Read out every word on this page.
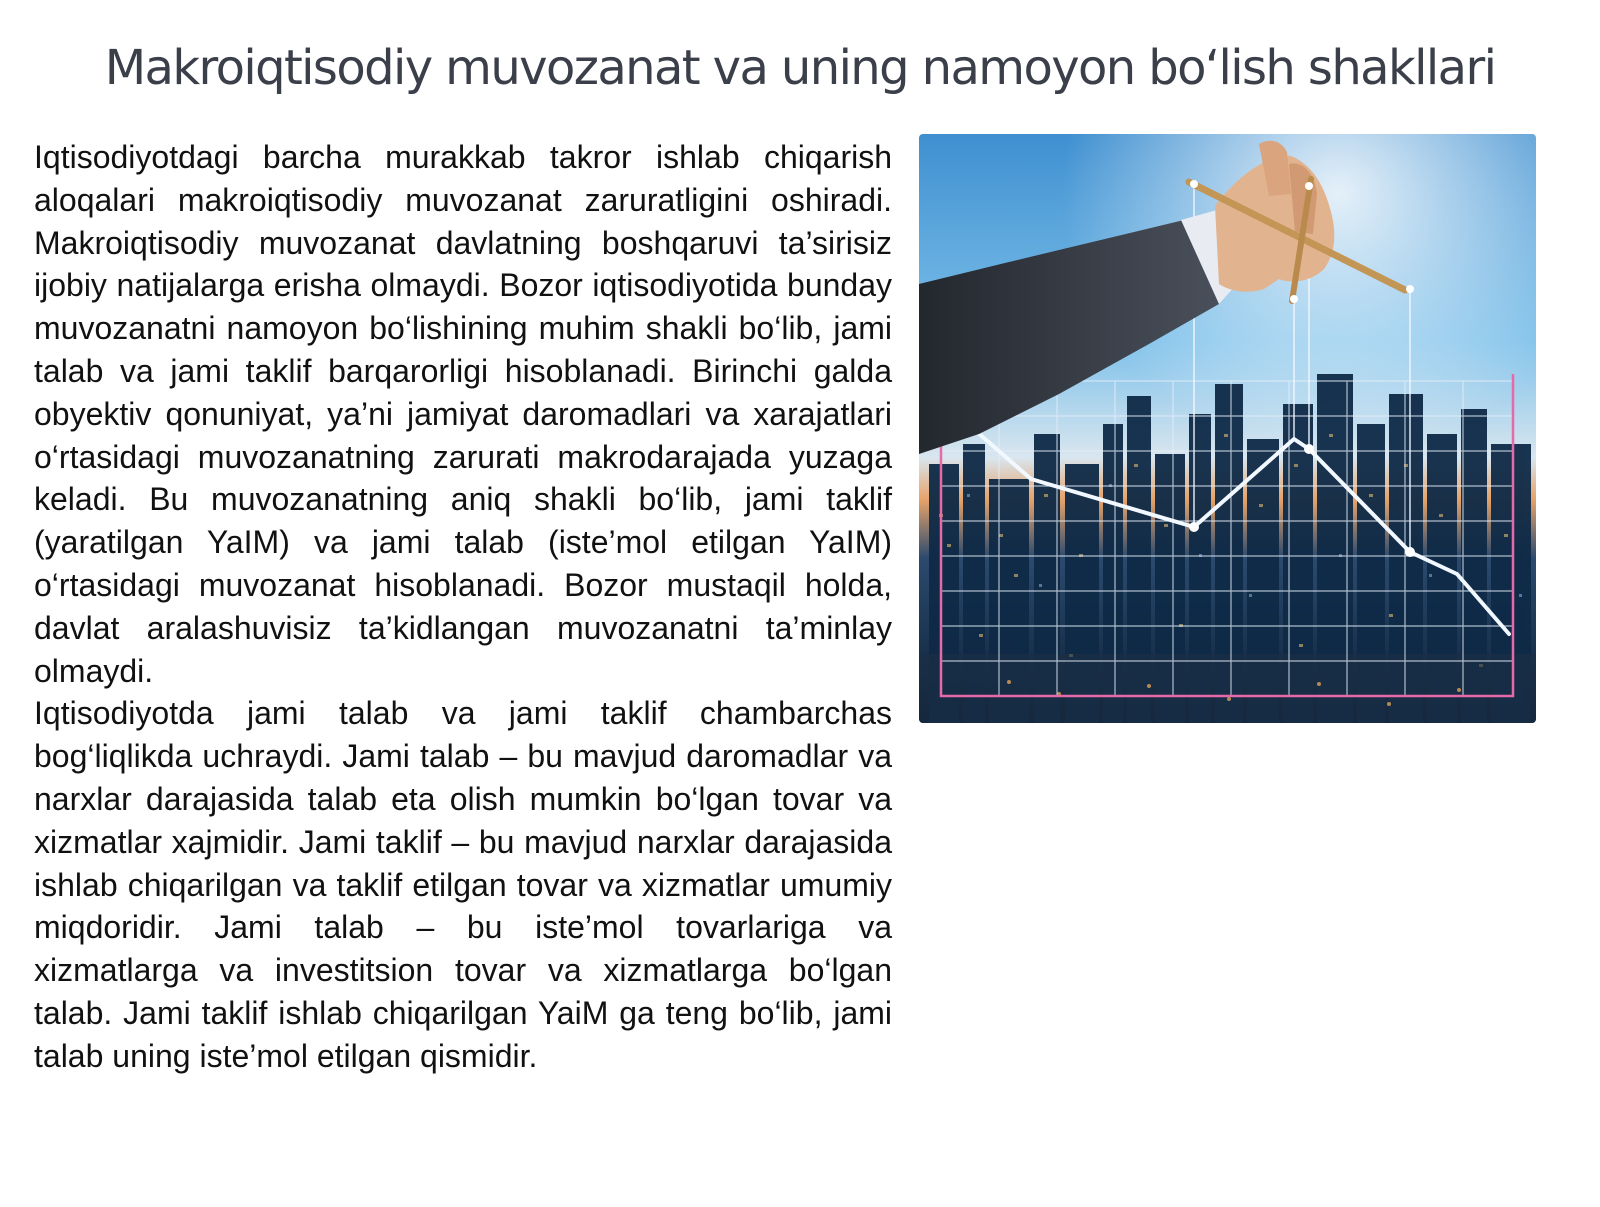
Makroiqtisodiy muvozanat va uning namoyon bo‘lish shakllari

Iqtisodiyotdagi barcha murakkab takror ishlab chiqarish aloqalari makroiqtisodiy muvozanat zaruratligini oshiradi. Makroiqtisodiy muvozanat davlatning boshqaruvi ta’sirisiz ijobiy natijalarga erisha olmaydi. Bozor iqtisodiyotida bunday muvozanatni namoyon bo‘lishining muhim shakli bo‘lib, jami talab va jami taklif barqarorligi hisoblanadi. Birinchi galda obyektiv qonuniyat, ya’ni jamiyat daromadlari va xarajatlari o‘rtasidagi muvozanatning zarurati makrodarajada yuzaga keladi. Bu muvozanatning aniq shakli bo‘lib, jami taklif (yaratilgan YaIM) va jami talab (iste’mol etilgan YaIM) o‘rtasidagi muvozanat hisoblanadi. Bozor mustaqil holda, davlat aralashuvisiz ta’kidlangan muvozanatni ta’minlay olmaydi.

Iqtisodiyotda jami talab va jami taklif chambarchas bog‘liqlikda uchraydi. Jami talab – bu mavjud daromadlar va narxlar darajasida talab eta olish mumkin bo‘lgan tovar va xizmatlar xajmidir. Jami taklif – bu mavjud narxlar darajasida ishlab chiqarilgan va taklif etilgan tovar va xizmatlar umumiy miqdoridir. Jami talab – bu iste’mol tovarlariga va xizmatlarga va investitsion tovar va xizmatlarga bo‘lgan talab. Jami taklif ishlab chiqarilgan YaiM ga teng bo‘lib, jami talab uning iste’mol etilgan qismidir.
